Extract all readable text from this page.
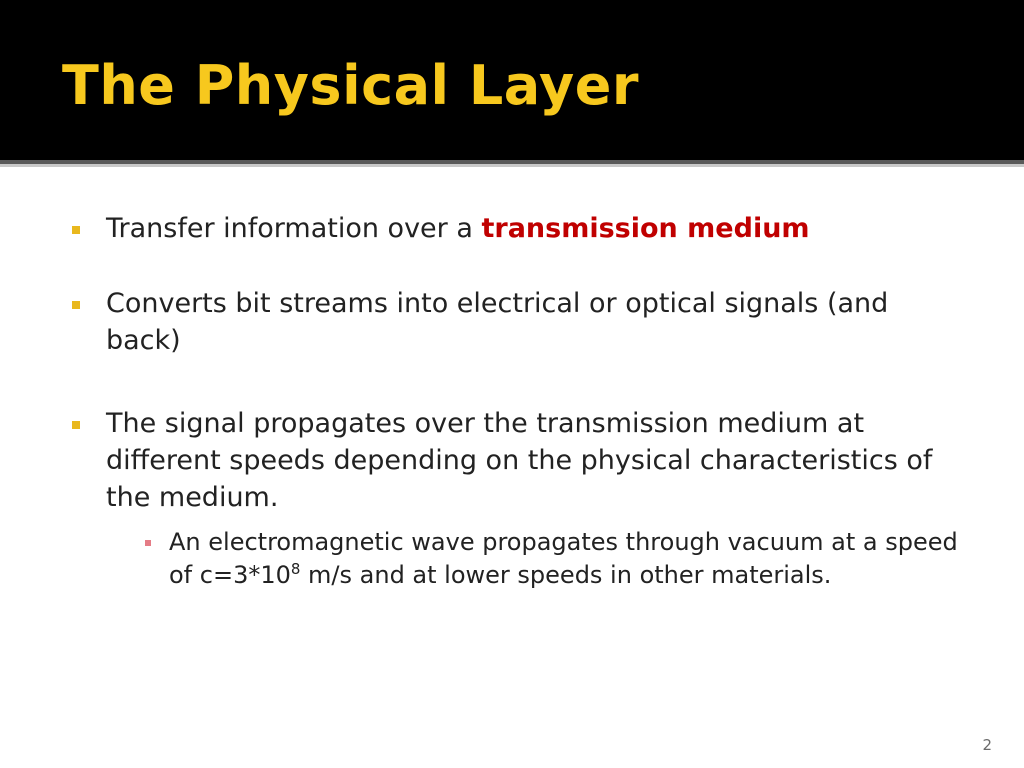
The Physical Layer
Transfer information over a transmission medium
Converts bit streams into electrical or optical signals (and back)
The signal propagates over the transmission medium at different speeds depending on the physical characteristics of the medium.
An electromagnetic wave propagates through vacuum at a speed of $c=3*10^8$ m/s and at lower speeds in other materials.
2
